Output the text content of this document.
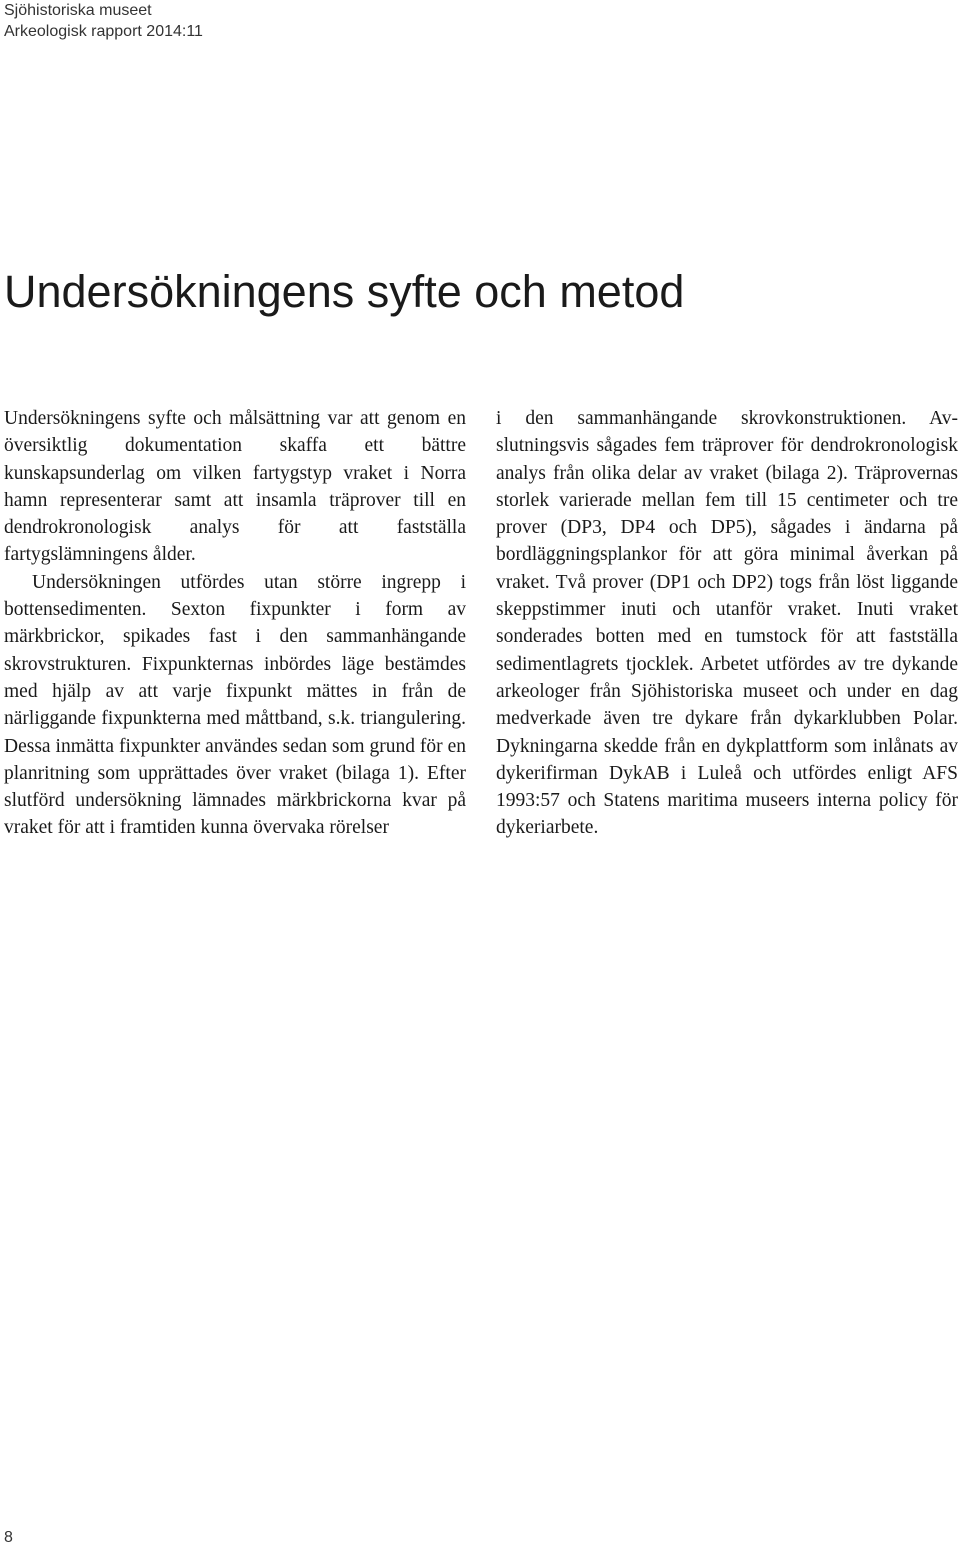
Sjöhistoriska museet
Arkeologisk rapport 2014:11
Undersökningens syfte och metod

Undersökningens syfte och målsättning var att genom en översiktlig dokumentation skaffa ett bättre kunskapsunderlag om vilken fartygstyp vraket i Norra hamn representerar samt att insamla träprover till en dendrokronologisk analys för att fastställa fartygslämningens ålder.

Undersökningen utfördes utan större ingrepp i bottensedimenten. Sexton fixpunkter i form av märkbrickor, spikades fast i den sammanhängande skrovstrukturen. Fixpunkternas inbördes läge bestämdes med hjälp av att varje fixpunkt mättes in från de närliggande fixpunkterna med måttband, s.k. triangulering. Dessa inmätta fixpunkter användes sedan som grund för en planritning som upprättades över vraket (bilaga 1). Efter slutförd undersökning lämnades märkbrickorna kvar på vraket för att i framtiden kunna övervaka rörelser

i den sammanhängande skrovkonstruktionen. Avslutningsvis sågades fem träprover för dendrokronologisk analys från olika delar av vraket (bilaga 2). Träprovernas storlek varierade mellan fem till 15 centimeter och tre prover (DP3, DP4 och DP5), sågades i ändarna på bordläggningsplankor för att göra minimal åverkan på vraket. Två prover (DP1 och DP2) togs från löst liggande skeppstimmer inuti och utanför vraket. Inuti vraket sonderades botten med en tumstock för att fastställa sedimentlagrets tjocklek. Arbetet utfördes av tre dykande arkeologer från Sjöhistoriska museet och under en dag medverkade även tre dykare från dykarklubben Polar. Dykningarna skedde från en dykplattform som inlånats av dykerifirman DykAB i Luleå och utfördes enligt AFS 1993:57 och Statens maritima museers interna policy för dykeriarbete.

8
